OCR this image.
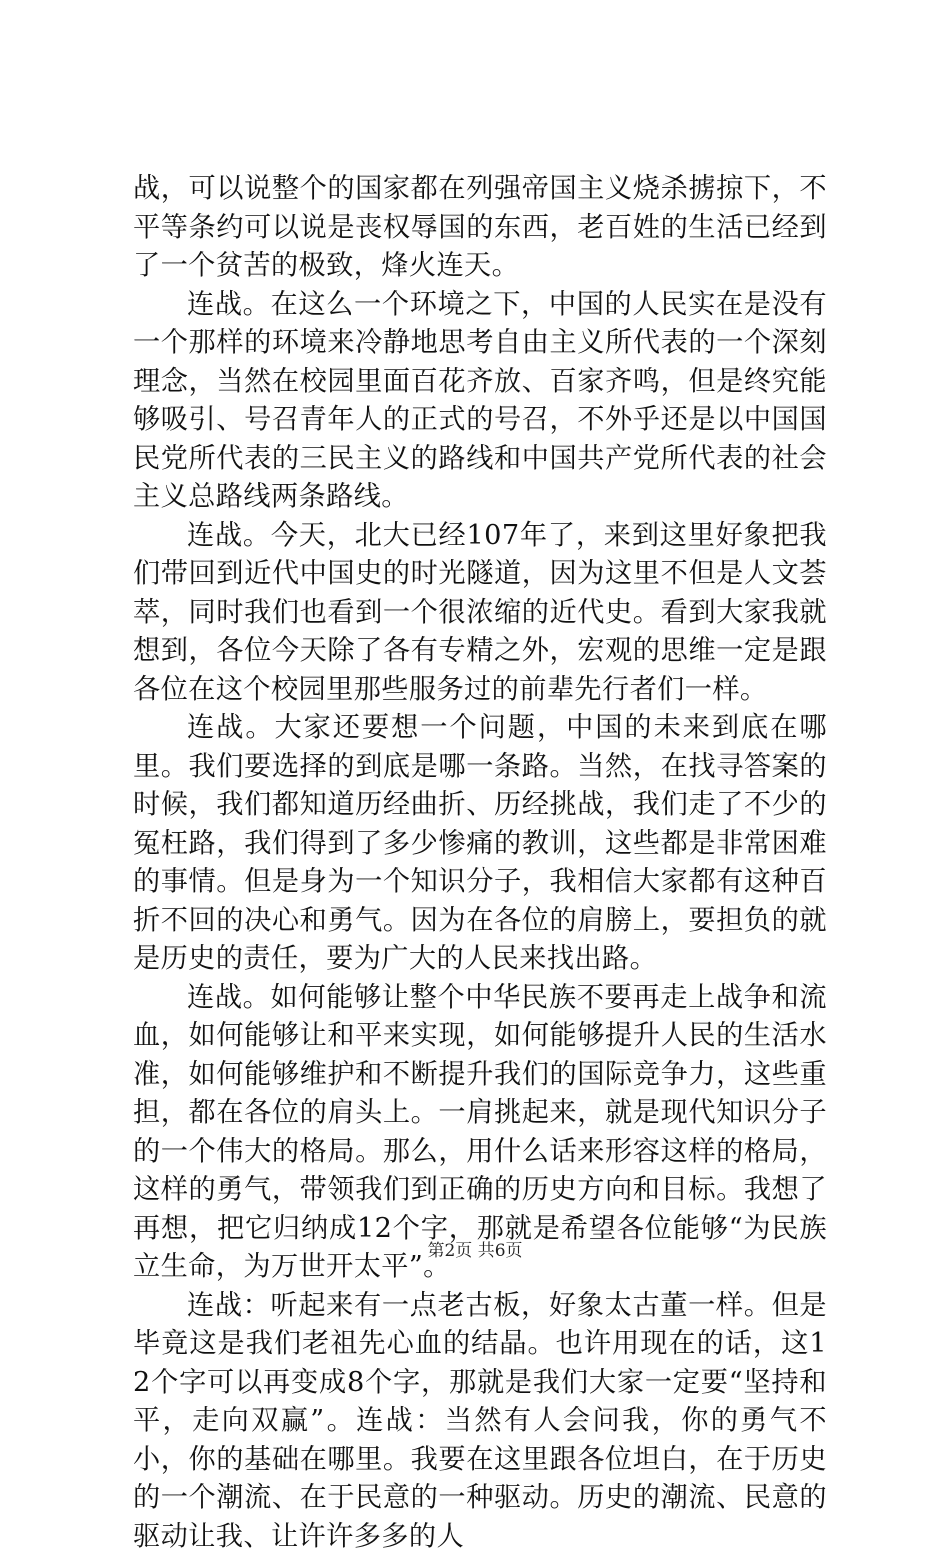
战，可以说整个的国家都在列强帝国主义烧杀掳掠下，不平等条约可以说是丧权辱国的东西，老百姓的生活已经到了一个贫苦的极致，烽火连天。

连战。在这么一个环境之下，中国的人民实在是没有一个那样的环境来冷静地思考自由主义所代表的一个深刻理念，当然在校园里面百花齐放、百家齐鸣，但是终究能够吸引、号召青年人的正式的号召，不外乎还是以中国国民党所代表的三民主义的路线和中国共产党所代表的社会主义总路线两条路线。

连战。今天，北大已经107年了，来到这里好象把我们带回到近代中国史的时光隧道，因为这里不但是人文荟萃，同时我们也看到一个很浓缩的近代史。看到大家我就想到，各位今天除了各有专精之外，宏观的思维一定是跟各位在这个校园里那些服务过的前辈先行者们一样。

连战。大家还要想一个问题，中国的未来到底在哪里。我们要选择的到底是哪一条路。当然，在找寻答案的时候，我们都知道历经曲折、历经挑战，我们走了不少的冤枉路，我们得到了多少惨痛的教训，这些都是非常困难的事情。但是身为一个知识分子，我相信大家都有这种百折不回的决心和勇气。因为在各位的肩膀上，要担负的就是历史的责任，要为广大的人民来找出路。

连战。如何能够让整个中华民族不要再走上战争和流血，如何能够让和平来实现，如何能够提升人民的生活水准，如何能够维护和不断提升我们的国际竞争力，这些重担，都在各位的肩头上。一肩挑起来，就是现代知识分子的一个伟大的格局。那么，用什么话来形容这样的格局，这样的勇气，带领我们到正确的历史方向和目标。我想了再想，把它归纳成12个字，那就是希望各位能够“为民族立生命，为万世开太平”。

连战：听起来有一点老古板，好象太古董一样。但是毕竟这是我们老祖先心血的结晶。也许用现在的话，这12个字可以再变成8个字，那就是我们大家一定要“坚持和平，走向双赢”。连战：当然有人会问我，你的勇气不小，你的基础在哪里。我要在这里跟各位坦白，在于历史的一个潮流、在于民意的一种驱动。历史的潮流、民意的驱动让我、让许许多多的人

第2页 共6页
